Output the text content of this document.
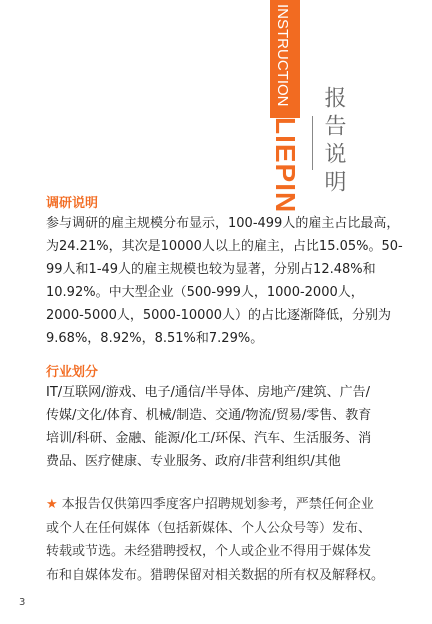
INSTRUCTION
LIEPIN 报告说明
调研说明

参与调研的雇主规模分布显示，100-499人的雇主占比最高，
为24.21%，其次是10000人以上的雇主，占比15.05%。50-
99人和1-49人的雇主规模也较为显著，分别占12.48%和
10.92%。中大型企业（500-999人，1000-2000人，
2000-5000人，5000-10000人）的占比逐渐降低，分别为
9.68%，8.92%，8.51%和7.29%。

行业划分

IT/互联网/游戏、电子/通信/半导体、房地产/建筑、广告/
传媒/文化/体育、机械/制造、交通/物流/贸易/零售、教育
培训/科研、金融、能源/化工/环保、汽车、生活服务、消
费品、医疗健康、专业服务、政府/非营利组织/其他

★ 本报告仅供第四季度客户招聘规划参考，严禁任何企业
或个人在任何媒体（包括新媒体、个人公众号等）发布、
转载或节选。未经猎聘授权，个人或企业不得用于媒体发
布和自媒体发布。猎聘保留对相关数据的所有权及解释权。
3
